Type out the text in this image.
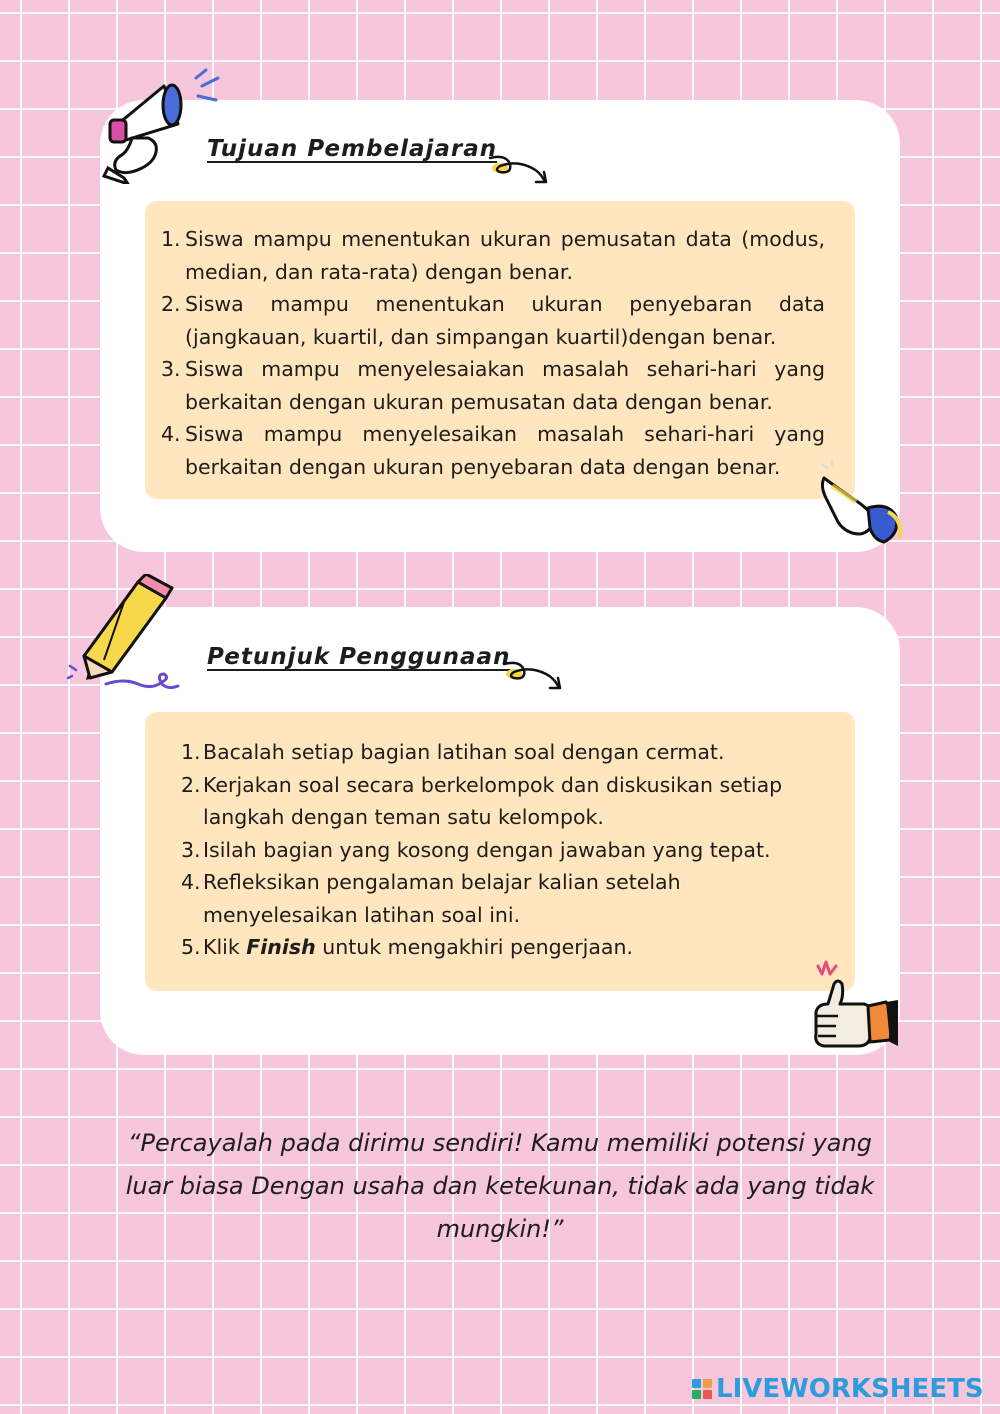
Tujuan Pembelajaran
1. Siswa mampu menentukan ukuran pemusatan data (modus, median, dan rata-rata) dengan benar.
2. Siswa mampu menentukan ukuran penyebaran data (jangkauan, kuartil, dan simpangan kuartil)dengan benar.
3. Siswa mampu menyelesaiakan masalah sehari-hari yang berkaitan dengan ukuran pemusatan data dengan benar.
4. Siswa mampu menyelesaikan masalah sehari-hari yang berkaitan dengan ukuran penyebaran data dengan benar.
Petunjuk Penggunaan
1. Bacalah setiap bagian latihan soal dengan cermat.
2. Kerjakan soal secara berkelompok dan diskusikan setiap langkah dengan teman satu kelompok.
3. Isilah bagian yang kosong dengan jawaban yang tepat.
4. Refleksikan pengalaman belajar kalian setelah menyelesaikan latihan soal ini.
5. Klik Finish untuk mengakhiri pengerjaan.

“Percayalah pada dirimu sendiri! Kamu memiliki potensi yang luar biasa Dengan usaha dan ketekunan, tidak ada yang tidak mungkin!”

LIVEWORKSHEETS
